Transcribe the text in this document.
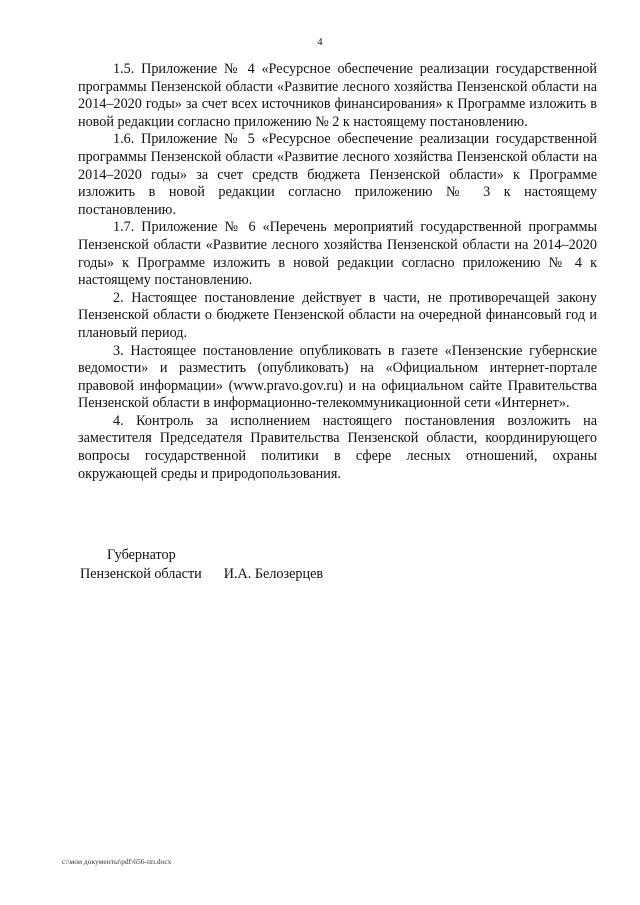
4

1.5. Приложение № 4 «Ресурсное обеспечение реализации государственной программы Пензенской области «Развитие лесного хозяйства Пензенской области на 2014–2020 годы» за счет всех источников финансирования» к Программе изложить в новой редакции согласно приложению № 2 к настоящему постановлению.

1.6. Приложение № 5 «Ресурсное обеспечение реализации государственной программы Пензенской области «Развитие лесного хозяйства Пензенской области на 2014–2020 годы» за счет средств бюджета Пензенской области» к Программе изложить в новой редакции согласно приложению № 3 к настоящему постановлению.

1.7. Приложение № 6 «Перечень мероприятий государственной программы Пензенской области «Развитие лесного хозяйства Пензенской области на 2014–2020 годы» к Программе изложить в новой редакции согласно приложению № 4 к настоящему постановлению.

2. Настоящее постановление действует в части, не противоречащей закону Пензенской области о бюджете Пензенской области на очередной финансовый год и плановый период.

3. Настоящее постановление опубликовать в газете «Пензенские губернские ведомости» и разместить (опубликовать) на «Официальном интернет-портале правовой информации» (www.pravo.gov.ru) и на официальном сайте Правительства Пензенской области в информационно-телекоммуникационной сети «Интернет».

4. Контроль за исполнением настоящего постановления возложить на заместителя Председателя Правительства Пензенской области, координирующего вопросы государственной политики в сфере лесных отношений, охраны окружающей среды и природопользования.

Губернатор
Пензенской области И.А. Белозерцев
c:\мои документы\pdf\656-пп.docx
